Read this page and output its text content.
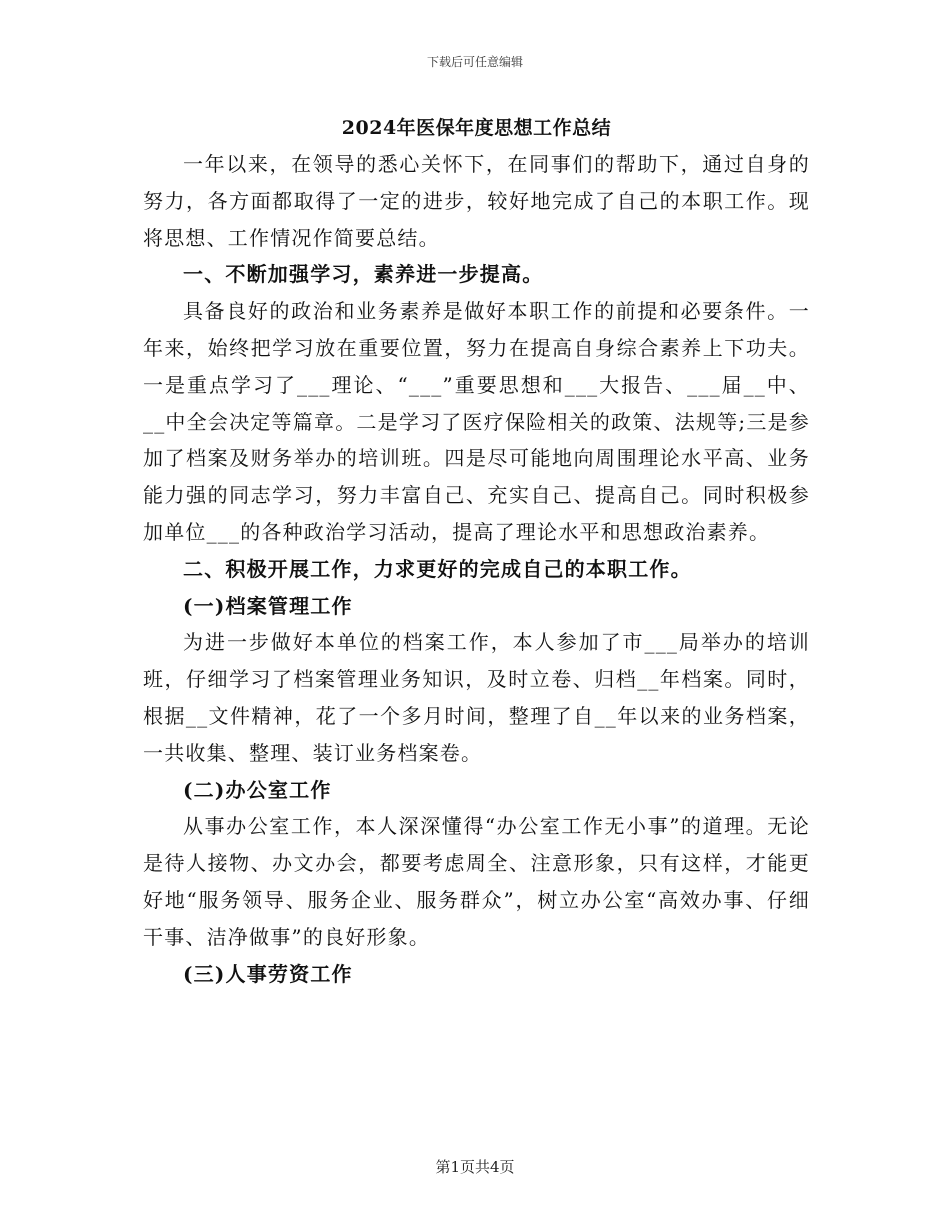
下载后可任意编辑
2024年医保年度思想工作总结

一年以来，在领导的悉心关怀下，在同事们的帮助下，通过自身的努力，各方面都取得了一定的进步，较好地完成了自己的本职工作。现将思想、工作情况作简要总结。

一、不断加强学习，素养进一步提高。

具备良好的政治和业务素养是做好本职工作的前提和必要条件。一年来，始终把学习放在重要位置，努力在提高自身综合素养上下功夫。一是重点学习了___理论、“___”重要思想和___大报告、___届__中、__中全会决定等篇章。二是学习了医疗保险相关的政策、法规等;三是参加了档案及财务举办的培训班。四是尽可能地向周围理论水平高、业务能力强的同志学习，努力丰富自己、充实自己、提高自己。同时积极参加单位___的各种政治学习活动，提高了理论水平和思想政治素养。

二、积极开展工作，力求更好的完成自己的本职工作。

(一)档案管理工作

为进一步做好本单位的档案工作，本人参加了市___局举办的培训班，仔细学习了档案管理业务知识，及时立卷、归档__年档案。同时，根据__文件精神，花了一个多月时间，整理了自__年以来的业务档案，一共收集、整理、装订业务档案卷。

(二)办公室工作

从事办公室工作，本人深深懂得“办公室工作无小事”的道理。无论是待人接物、办文办会，都要考虑周全、注意形象，只有这样，才能更好地“服务领导、服务企业、服务群众”，树立办公室“高效办事、仔细干事、洁净做事”的良好形象。

(三)人事劳资工作

第1页共4页
